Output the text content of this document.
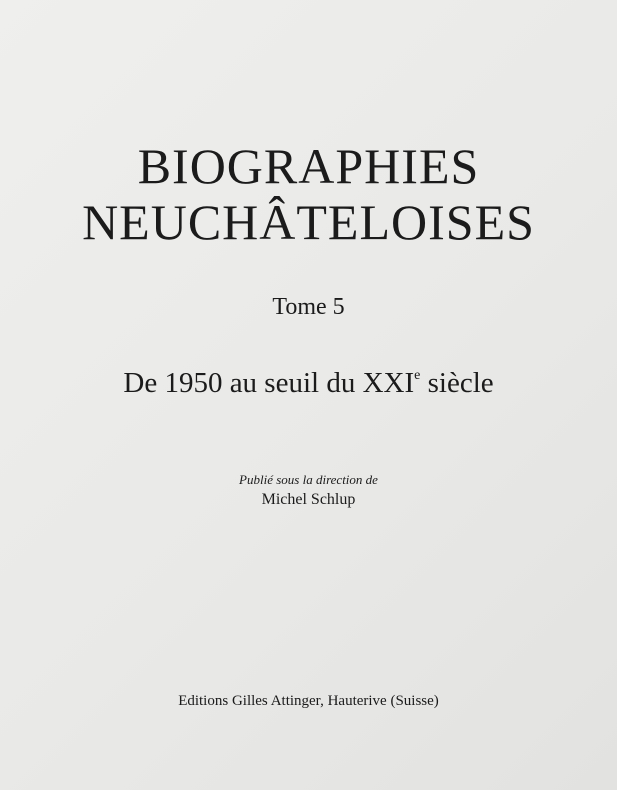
BIOGRAPHIES
NEUCHÂTELOISES
Tome 5
De 1950 au seuil du XXIe siècle
Publié sous la direction de
Michel Schlup
Editions Gilles Attinger, Hauterive (Suisse)
